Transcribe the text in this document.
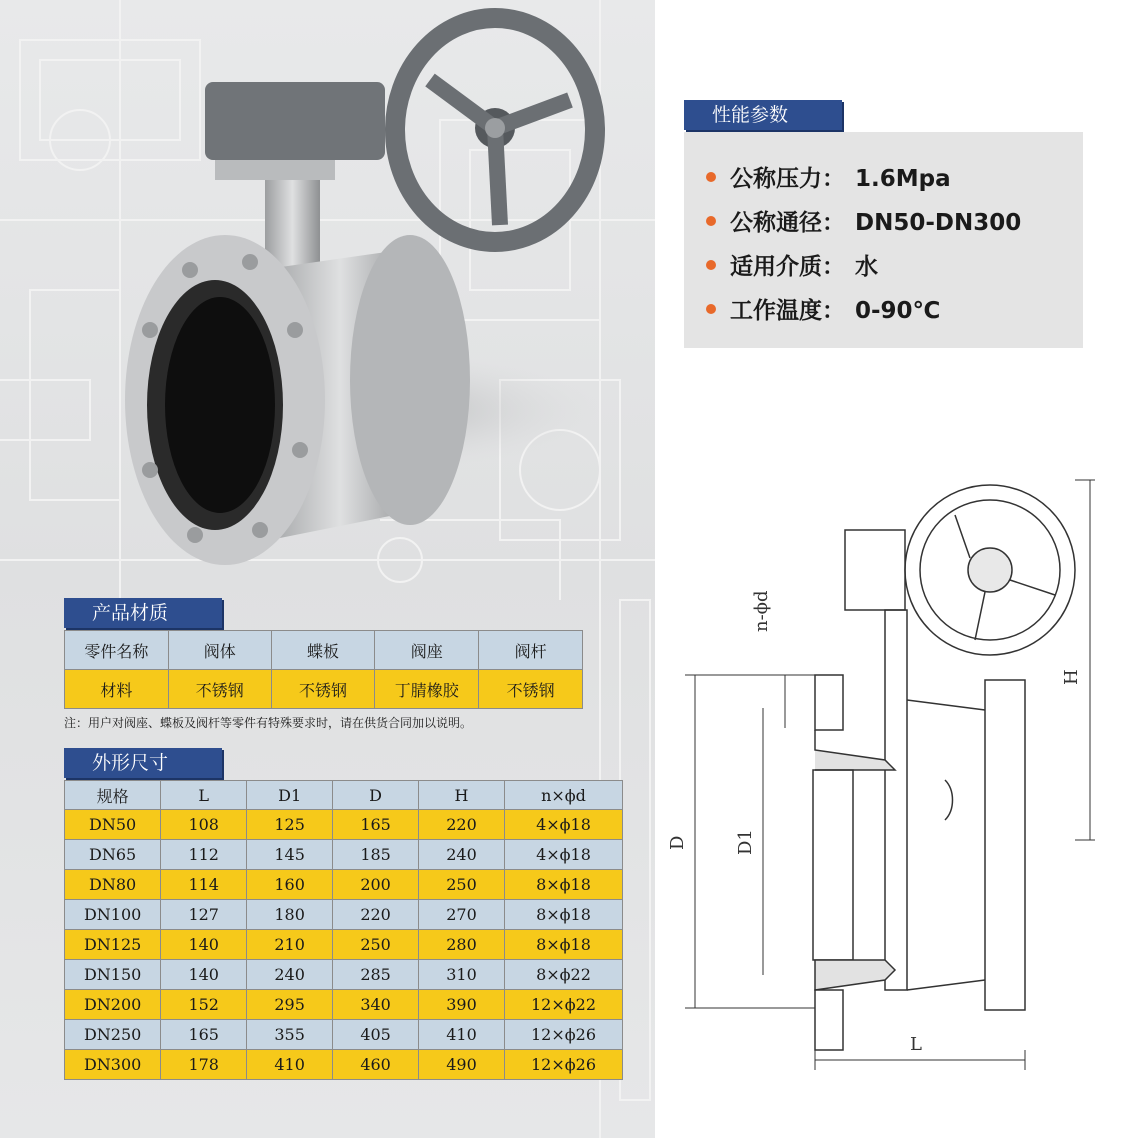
性能参数
公称压力： 1.6Mpa
公称通径： DN50-DN300
适用介质： 水
工作温度： 0-90℃
产品材质
零件名称	阀体	蝶板	阀座	阀杆
材料	不锈钢	不锈钢	丁腈橡胶	不锈钢
注：用户对阀座、蝶板及阀杆等零件有特殊要求时，请在供货合同加以说明。
外形尺寸
规格	L	D1	D	H	n×ϕd
DN50	108	125	165	220	4×ϕ18
DN65	112	145	185	240	4×ϕ18
DN80	114	160	200	250	8×ϕ18
DN100	127	180	220	270	8×ϕ18
DN125	140	210	250	280	8×ϕ18
DN150	140	240	285	310	8×ϕ22
DN200	152	295	340	390	12×ϕ22
DN250	165	355	405	410	12×ϕ26
DN300	178	410	460	490	12×ϕ26
n-ϕd
D	D1
H
L
